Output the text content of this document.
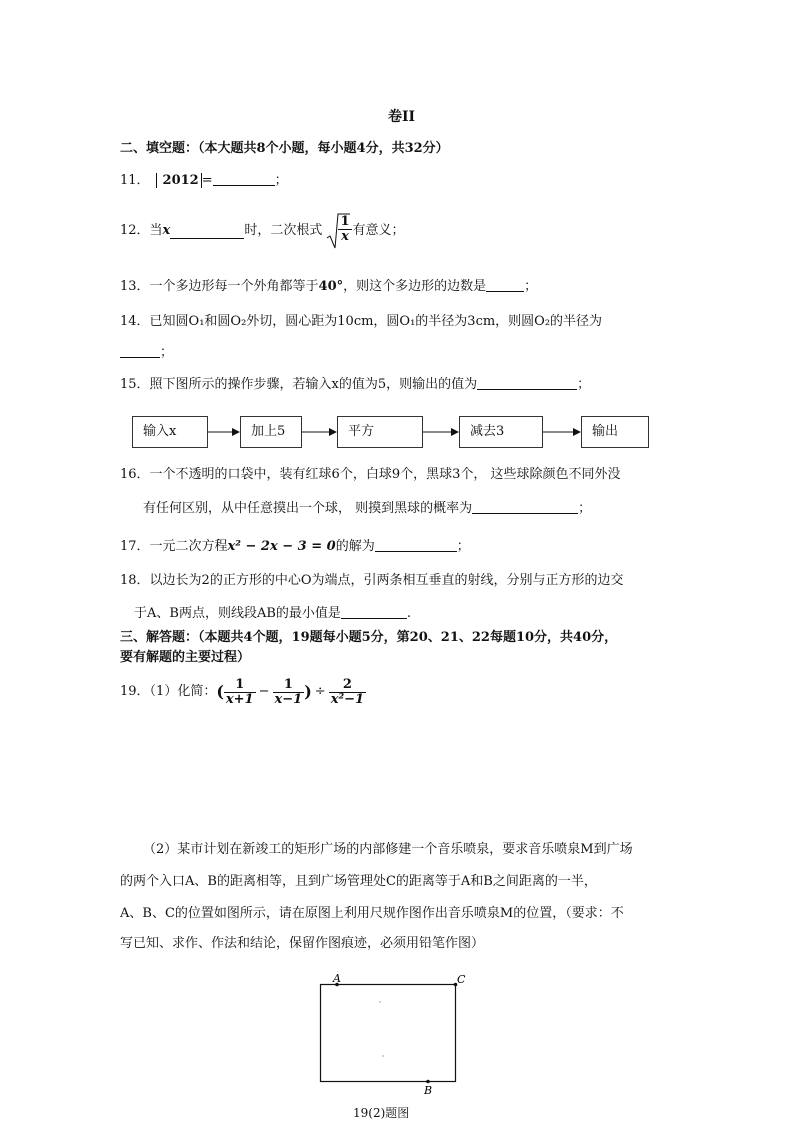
卷II
二、填空题：（本大题共8个小题，每小题4分，共32分）
11． 2012 =	；
12．当x	时，二次根式 $\frac{1}{x}$ 有意义；
13．一个多边形每一个外角都等于40°，则这个多边形的边数是	；
14．已知圆O₁和圆O₂外切，圆心距为10cm，圆O₁的半径为3cm，则圆O₂的半径为
；
15．照下图所示的操作步骤，若输入x的值为5，则输出的值为	；
输入x	加上5	平方	减去3	输出
16．一个不透明的口袋中，装有红球6个，白球9个，黑球3个， 这些球除颜色不同外没
有任何区别，从中任意摸出一个球， 则摸到黑球的概率为	；
17．一元二次方程x² − 2x − 3 = 0的解为	；
18．以边长为2的正方形的中心O为端点，引两条相互垂直的射线，分别与正方形的边交
于A、B两点，则线段AB的最小值是	.
三、解答题：（本题共4个题，19题每小题5分，第20、21、22每题10分，共40分，
要有解题的主要过程）
19．（1）化简：( $\frac{1}{x+1} - \frac{1}{x-1}$ ) ÷ $\frac{2}{\text{x²−1}}$
（2）某市计划在新竣工的矩形广场的内部修建一个音乐喷泉，要求音乐喷泉M到广场
的两个入口A、B的距离相等，且到广场管理处C的距离等于A和B之间距离的一半，
A、B、C的位置如图所示，请在原图上利用尺规作图作出音乐喷泉M的位置，（要求：不
写已知、求作、作法和结论，保留作图痕迹，必须用铅笔作图）
A	C
B
19(2)题图
